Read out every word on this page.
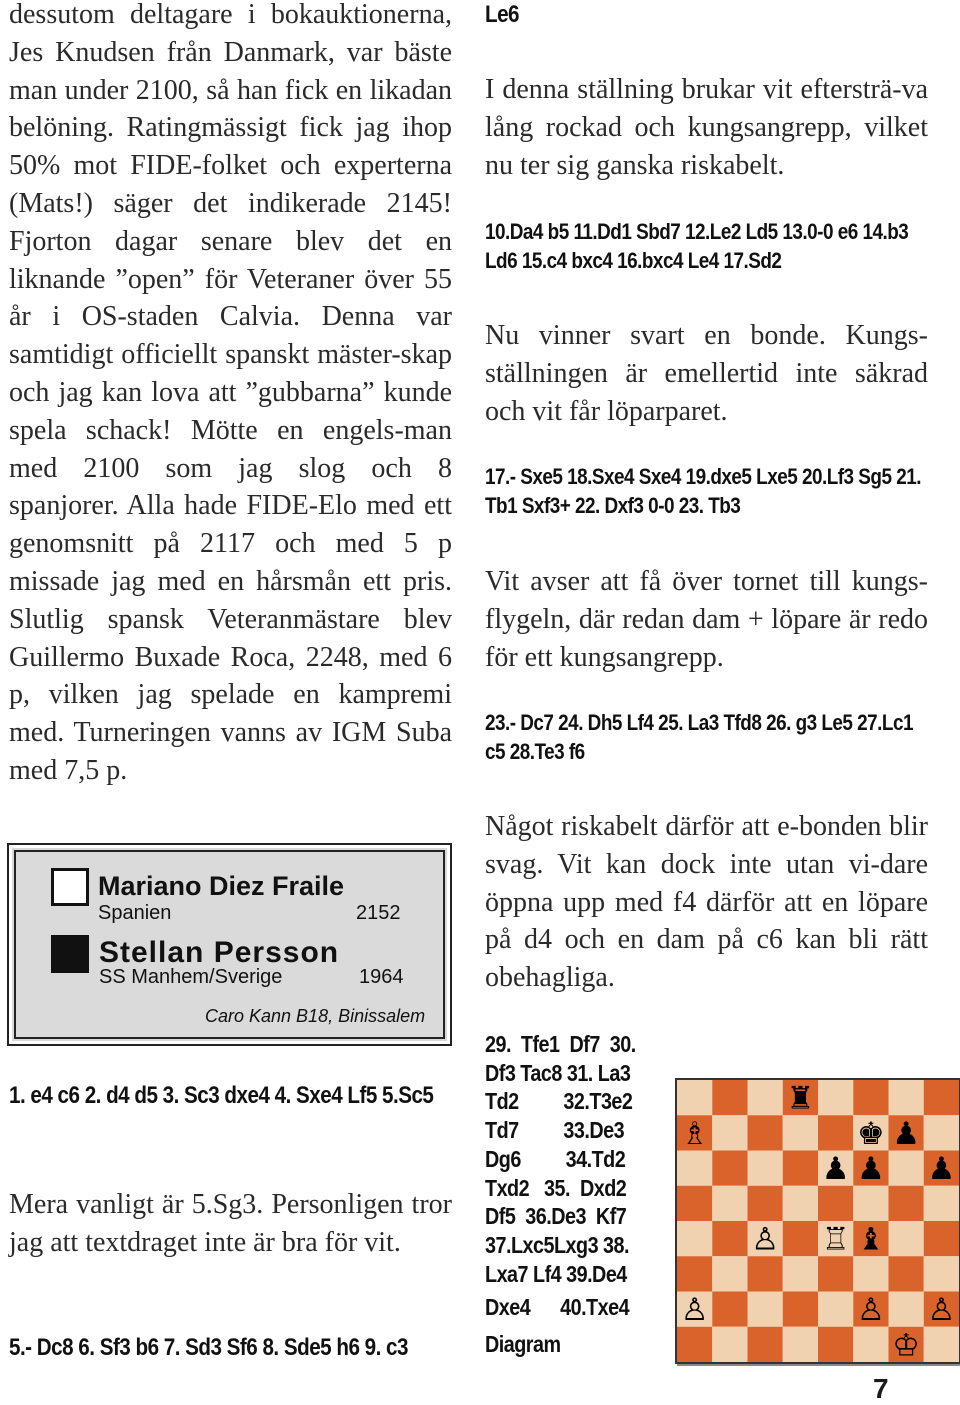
dessutom deltagare i bokauktionerna, Jes Knudsen från Danmark, var bäste man under 2100, så han fick en likadan belöning. Ratingmässigt fick jag ihop 50% mot FIDE-folket och experterna (Mats!) säger det indikerade 2145! Fjorton dagar senare blev det en liknande ”open” för Veteraner över 55 år i OS-staden Calvia. Denna var samtidigt officiellt spanskt mäster-skap och jag kan lova att ”gubbarna” kunde spela schack! Mötte en engels-man med 2100 som jag slog och 8 spanjorer. Alla hade FIDE-Elo med ett genomsnitt på 2117 och med 5 p missade jag med en hårsmån ett pris. Slutlig spansk Veteranmästare blev Guillermo Buxade Roca, 2248, med 6 p, vilken jag spelade en kampremi med. Turneringen vanns av IGM Suba med 7,5 p.

Mariano Diez Fraile
Spanien	2152
Stellan Persson
SS Manhem/Sverige	1964
Caro Kann B18, Binissalem

1. e4 c6 2. d4 d5 3. Sc3 dxe4 4. Sxe4 Lf5 5.Sc5

Mera vanligt är 5.Sg3. Personligen tror jag att textdraget inte är bra för vit.

5.- Dc8 6. Sf3 b6 7. Sd3 Sf6 8. Sde5 h6 9. c3

Le6

I denna ställning brukar vit eftersträ-va lång rockad och kungsangrepp, vilket nu ter sig ganska riskabelt.

10.Da4 b5 11.Dd1 Sbd7 12.Le2 Ld5 13.0-0 e6 14.b3 Ld6 15.c4 bxc4 16.bxc4 Le4 17.Sd2

Nu vinner svart en bonde. Kungs-ställningen är emellertid inte säkrad och vit får löparparet.

17.- Sxe5 18.Sxe4 Sxe4 19.dxe5 Lxe5 20.Lf3 Sg5 21. Tb1 Sxf3+ 22. Dxf3 0-0 23. Tb3

Vit avser att få över tornet till kungs-flygeln, där redan dam + löpare är redo för ett kungsangrepp.

23.- Dc7 24. Dh5 Lf4 25. La3 Tfd8 26. g3 Le5 27.Lc1 c5 28.Te3 f6

Något riskabelt därför att e-bonden blir svag. Vit kan dock inte utan vi-dare öppna upp med f4 därför att en löpare på d4 och en dam på c6 kan bli rätt obehagliga.

29.  Tfe1  Df7  30.
Df3 Tac8 31. La3
Td2         32.T3e2
Td7         33.De3
Dg6         34.Td2
Txd2   35.  Dxd2
Df5  36.De3  Kf7
37.Lxc5Lxg3 38.
Lxa7 Lf4 39.De4
Dxe4      40.Txe4
Diagram
♜
♗	♚ ♟
♟ ♟ ♟
♙ ♖ ♝
♙	♙ ♙
♔
7
